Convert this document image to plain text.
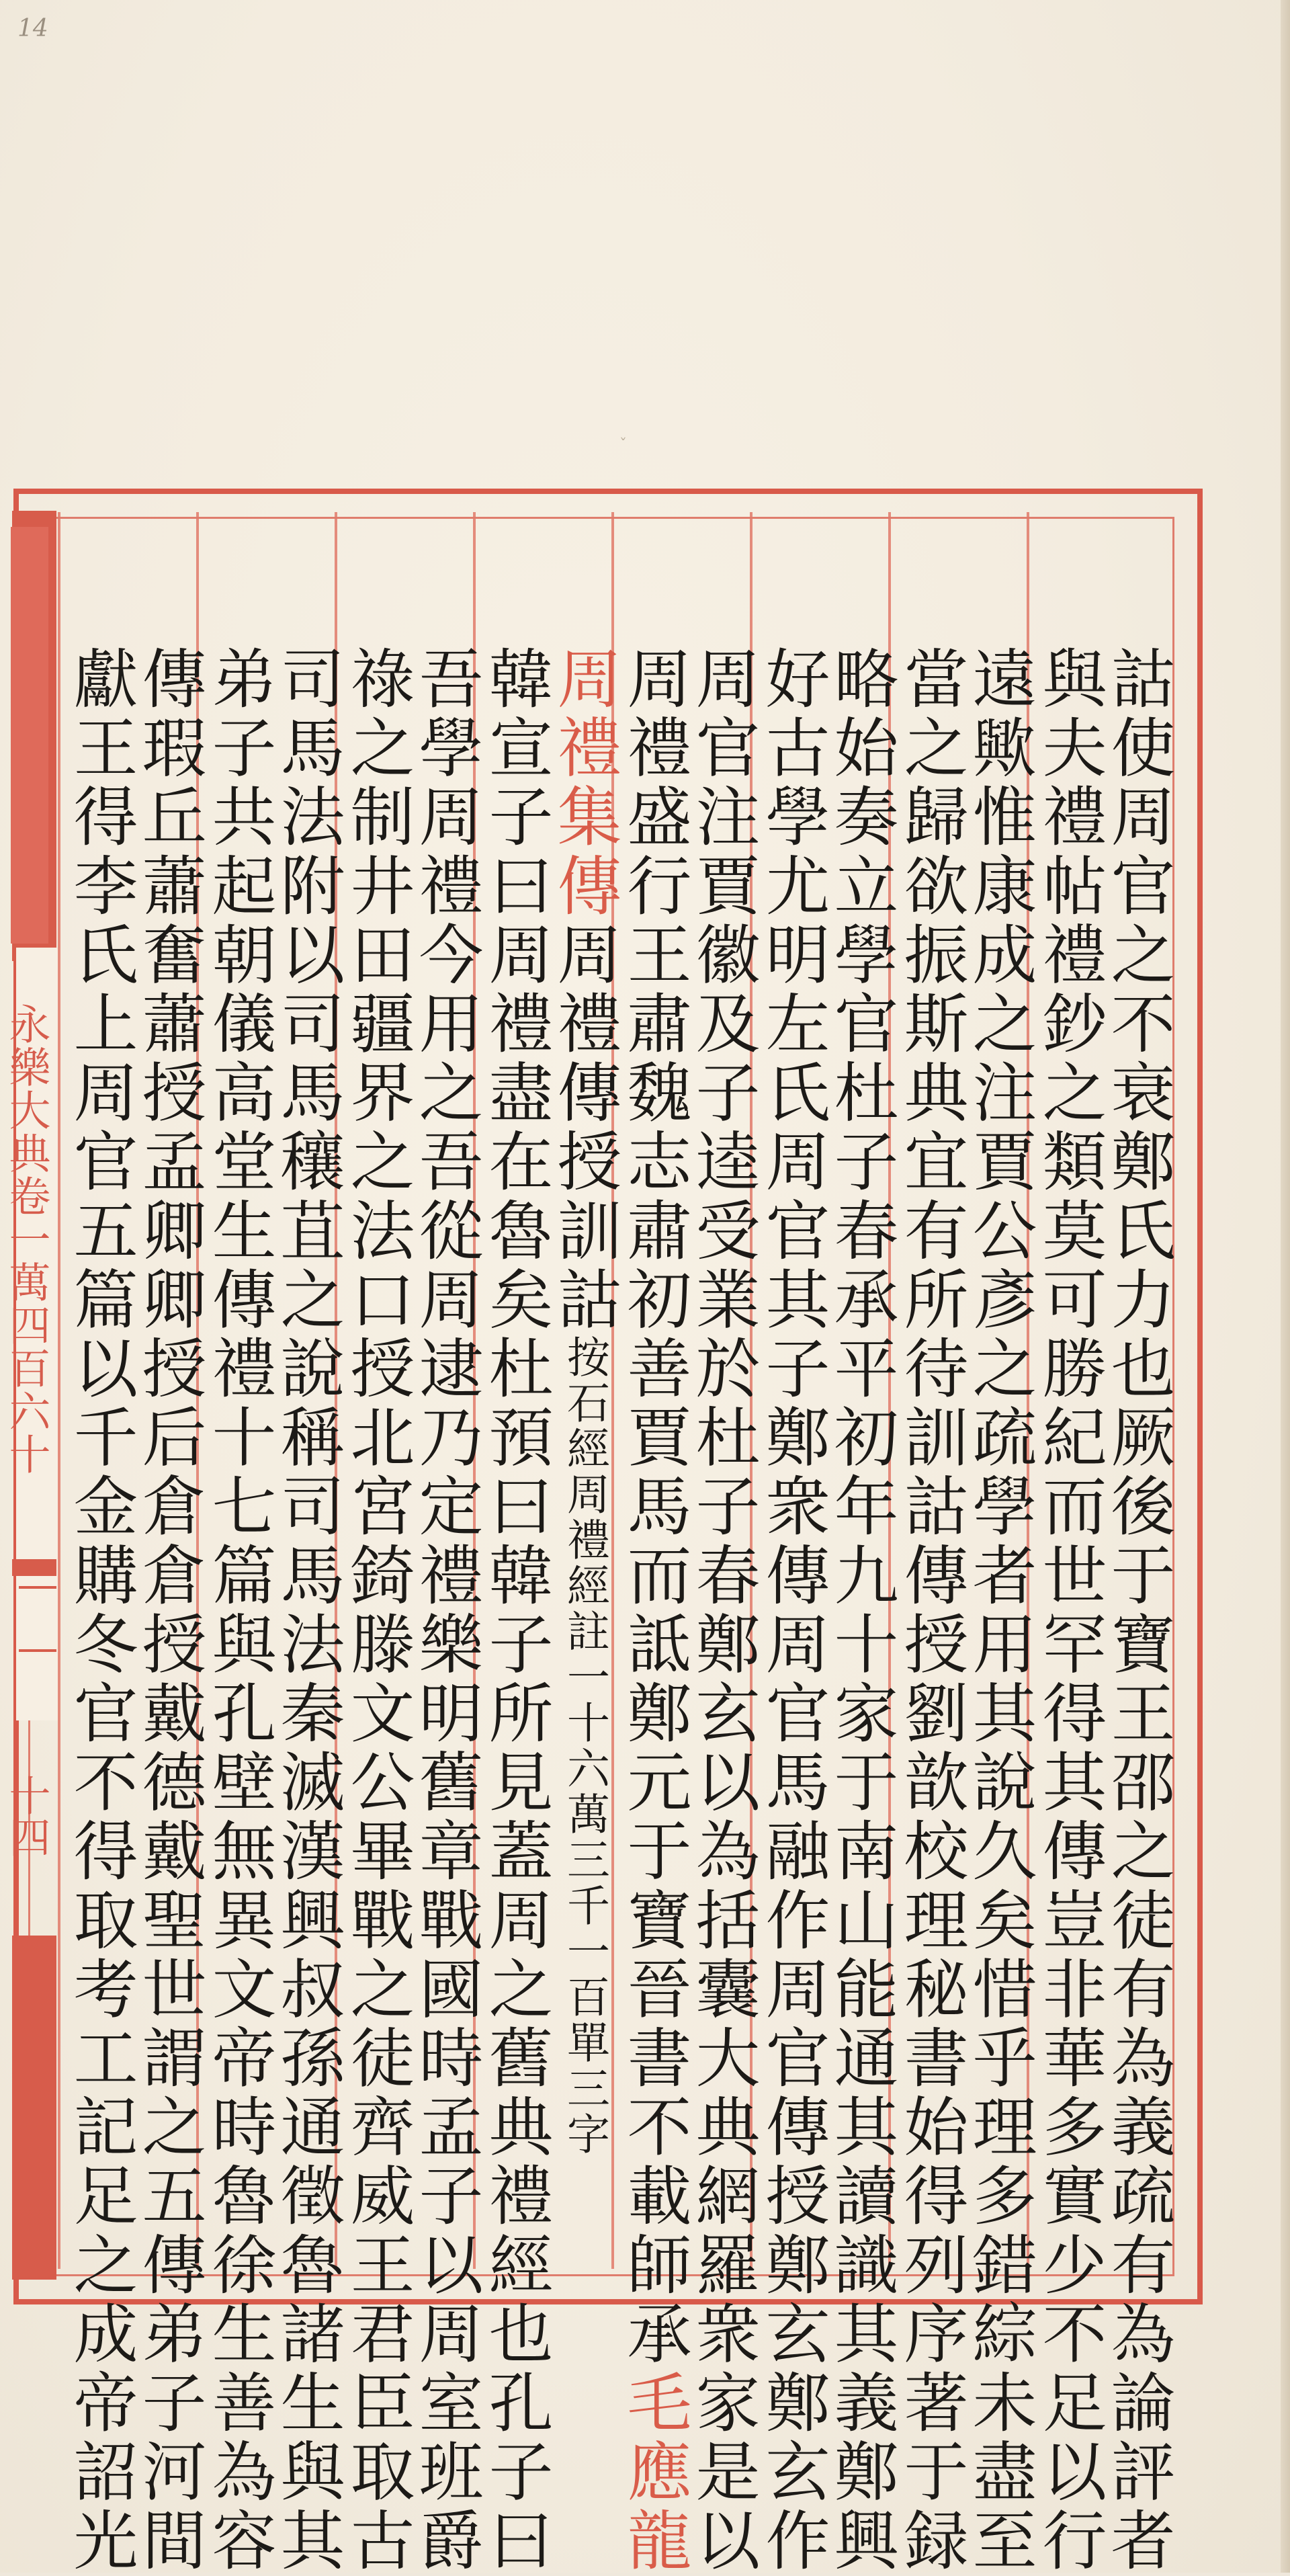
14
ˇ
永樂大典卷一萬四百六十
十四	詁使周官之不衰鄭氏力也厥後于寶王邵之徒有為義疏有為論評者
與夫禮帖禮鈔之類莫可勝紀而世罕得其傳豈非華多實少不足以行
遠歟惟康成之注賈公彥之疏學者用其說久矣惜乎理多錯綜未盡至
當之歸欲振斯典宜有所待訓詁傳授劉歆校理秘書始得列序著于録
略始奏立學官杜子春承平初年九十家于南山能通其讀識其義鄭興
好古學尤明左氏周官其子鄭衆傳周官馬融作周官傳授鄭玄鄭玄作
周官注賈徽及子逵受業於杜子春鄭玄以為括囊大典網羅衆家是以
周禮盛行王肅魏志肅初善賈馬而詆鄭元于寶晉書不載師承毛應龍
周禮集傳周禮傳授訓詁按石經周禮經註一十六萬三千一百單三字
韓宣子曰周禮盡在魯矣杜預曰韓子所見蓋周之舊典禮經也孔子曰
吾學周禮今用之吾從周逮乃定禮樂明舊章戰國時孟子以周室班爵
祿之制井田疆界之法口授北宮錡滕文公畢戰之徒齊威王君臣取古
司馬法附以司馬穰苴之說稱司馬法秦滅漢興叔孫通徵魯諸生與其
弟子共起朝儀高堂生傳禮十七篇與孔壁無異文帝時魯徐生善為容
傳瑕丘蕭奮蕭授孟卿卿授后倉倉授戴德戴聖世謂之五傳弟子河間
獻王得李氏上周官五篇以千金購冬官不得取考工記足之成帝詔光
